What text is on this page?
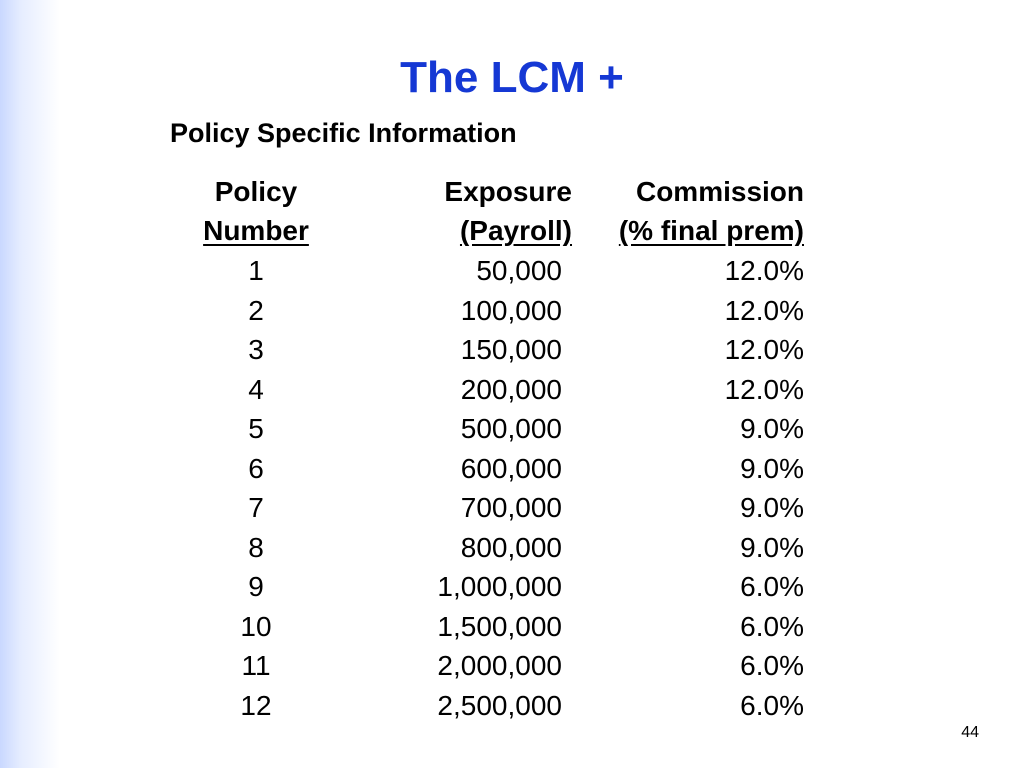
The LCM +
Policy Specific Information
Policy	Exposure	Commission
Number	(Payroll)	(% final prem)
1	50,000	12.0%
2	100,000	12.0%
3	150,000	12.0%
4	200,000	12.0%
5	500,000	9.0%
6	600,000	9.0%
7	700,000	9.0%
8	800,000	9.0%
9	1,000,000	6.0%
10	1,500,000	6.0%
11	2,000,000	6.0%
12	2,500,000	6.0%
44
